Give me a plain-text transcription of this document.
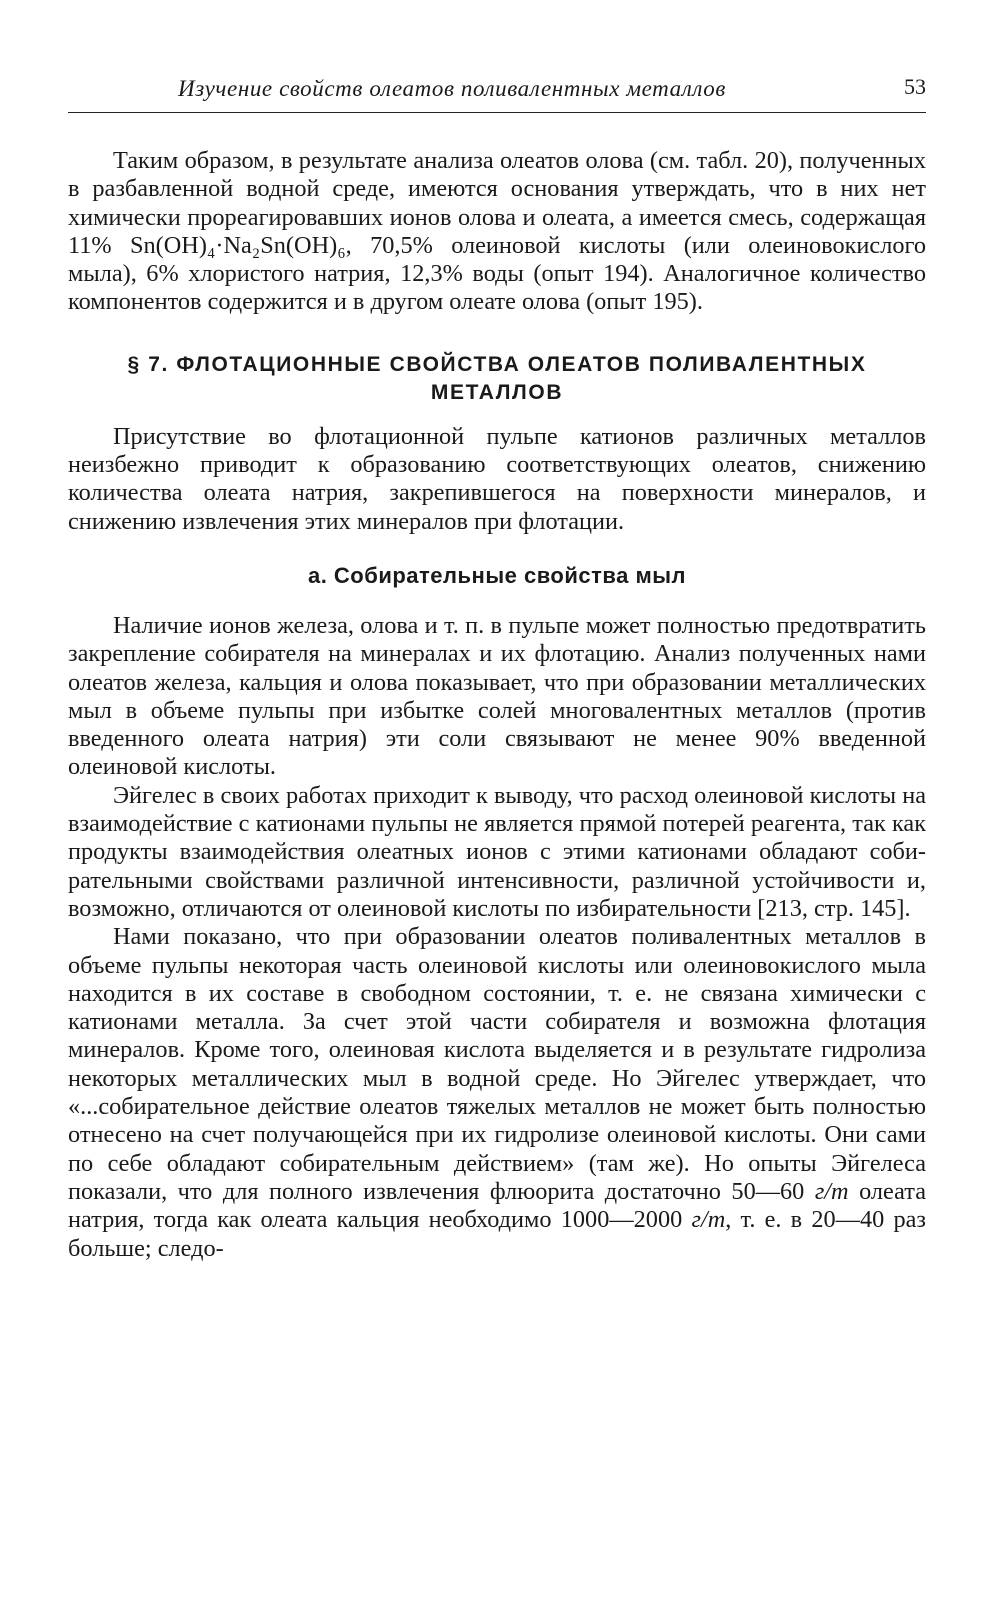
Изучение свойств олеатов поливалентных металлов	53

Таким образом, в результате анализа олеатов олова (см. табл. 20), полученных в разбавленной водной среде, имеются основания утверждать, что в них нет химически прореагировавших ионов олова и олеата, а имеется смесь, содержащая 11% Sn(OH)₄·Na₂Sn(OH)₆, 70,5% олеиновой кислоты (или олеиновокислого мыла), 6% хлористого натрия, 12,3% воды (опыт 194). Аналогичное количество компонентов содержится и в другом олеате олова (опыт 195).

§ 7. ФЛОТАЦИОННЫЕ СВОЙСТВА ОЛЕАТОВ ПОЛИВАЛЕНТНЫХ
МЕТАЛЛОВ

Присутствие во флотационной пульпе катионов различных металлов неизбежно приводит к образованию соответствующих олеатов, снижению количества олеата натрия, закрепившегося на поверхности минералов, и снижению извлечения этих минералов при флотации.

а. Собирательные свойства мыл

Наличие ионов железа, олова и т. п. в пульпе может полностью предотвратить закрепление собирателя на минералах и их флотацию. Анализ полученных нами олеатов железа, кальция и олова показывает, что при образовании металлических мыл в объеме пульпы при избытке солей многовалентных металлов (против введенного олеата натрия) эти соли связывают не менее 90% введенной олеиновой кислоты.

Эйгелес в своих работах приходит к выводу, что расход олеиновой кислоты на взаимодействие с катионами пульпы не является прямой потерей реагента, так как продукты взаимодействия олеатных ионов с этими катионами обладают собирательными свойствами различной интенсивности, различной устойчивости и, возможно, отличаются от олеиновой кислоты по избирательности [213, стр. 145].

Нами показано, что при образовании олеатов поливалентных металлов в объеме пульпы некоторая часть олеиновой кислоты или олеиновокислого мыла находится в их составе в свободном состоянии, т. е. не связана химически с катионами металла. За счет этой части собирателя и возможна флотация минералов. Кроме того, олеиновая кислота выделяется и в результате гидролиза некоторых металлических мыл в водной среде. Но Эйгелес утверждает, что «...собирательное действие олеатов тяжелых металлов не может быть полностью отнесено на счет получающейся при их гидролизе олеиновой кислоты. Они сами по себе обладают собирательным действием» (там же). Но опыты Эйгелеса показали, что для полного извлечения флюорита достаточно 50—60 г/т олеата натрия, тогда как олеата кальция необходимо 1000—2000 г/т, т. е. в 20—40 раз больше; следо-
